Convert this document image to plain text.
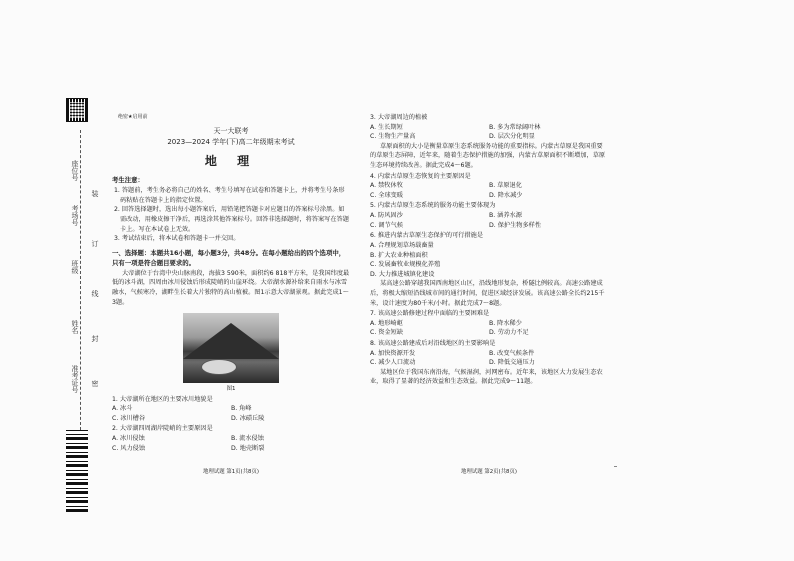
座位号
考场号
班级
姓名
准考证号
装
订
线
封
密
绝密★启用前
天一大联考
2023—2024 学年(下)高二年级期末考试
地 理
考生注意：
1. 答题前，考生务必将自己的姓名、考生号填写在试卷和答题卡上，并将考生号条形码粘贴在答题卡上的指定位置。
2. 回答选择题时，选出每小题答案后，用铅笔把答题卡对应题目的答案标号涂黑。如需改动，用橡皮擦干净后，再选涂其他答案标号。回答非选择题时，将答案写在答题卡上。写在本试卷上无效。
3. 考试结束后，将本试卷和答题卡一并交回。
一、选择题：本题共16小题，每小题3分，共48分。在每小题给出的四个选项中，只有一项是符合题目要求的。
大帝湖位于台湾中央山脉南段，海拔3 590米，面积约6 818平方米，是我国纬度最低的冰斗湖，四周由冰川侵蚀后形成陡峭的山崖环绕。大帝湖水源补给来自雨水与冰雪融水，气候寒冷，湖畔生长着大片独特的高山植被。图1示意大帝湖景观。据此完成1～3题。
图1
1. 大帝湖所在地区的主要冰川地貌是
A. 冰斗	B. 角峰
C. 冰川槽谷	D. 冰碛丘陵
2. 大帝湖四周湖岸陡峭的主要原因是
A. 冰川侵蚀	B. 流水侵蚀
C. 风力侵蚀	D. 地壳断裂
3. 大帝湖周边的植被
A. 生长期短	B. 多为常绿阔叶林
C. 生物生产量高	D. 层次分化明显
草原面积的大小是衡量草原生态系统服务功能的重要指标。内蒙古草原是我国重要的草原生态屏障，近年来，随着生态保护措施的加强，内蒙古草原面积不断增加，草原生态环境持续改善。据此完成4～6题。
4. 内蒙古草原生态恢复的主要原因是
A. 禁牧休牧	B. 草原退化
C. 全球变暖	D. 降水减少
5. 内蒙古草原生态系统的服务功能主要体现为
A. 防风固沙	B. 涵养水源
C. 调节气候	D. 保护生物多样性
6. 推进内蒙古草原生态保护的可行措施是
A. 合理规划草场载畜量
B. 扩大农业种植面积
C. 发展畜牧业规模化养殖
D. 大力推进城镇化建设
某高速公路穿越我国西南地区山区，沿线地形复杂，桥隧比例较高。高速公路建成后，将极大缩短沿线城市间的通行时间，促进区域经济发展。该高速公路全长约215千米，设计速度为80千米/小时。据此完成7～8题。
7. 该高速公路修建过程中面临的主要困难是
A. 地形崎岖	B. 降水稀少
C. 资金短缺	D. 劳动力不足
8. 该高速公路建成后对沿线地区的主要影响是
A. 加快资源开发	B. 改变气候条件
C. 减少人口流动	D. 降低交通压力
某地区位于我国东南沿海，气候湿润，河网密布。近年来，该地区大力发展生态农业，取得了显著的经济效益和生态效益。据此完成9～11题。
地理试题 第1页(共8页)	地理试题 第2页(共8页)
